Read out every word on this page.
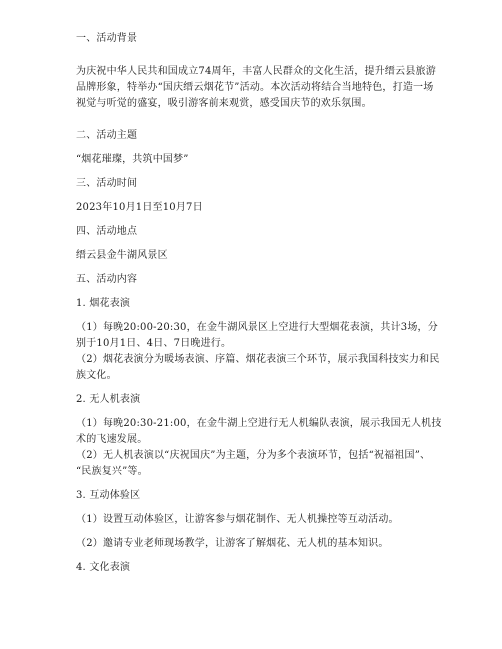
一、活动背景
为庆祝中华人民共和国成立74周年，丰富人民群众的文化生活，提升缙云县旅游
品牌形象，特举办“国庆缙云烟花节”活动。本次活动将结合当地特色，打造一场
视觉与听觉的盛宴，吸引游客前来观赏，感受国庆节的欢乐氛围。
二、活动主题
“烟花璀璨，共筑中国梦”
三、活动时间
2023年10月1日至10月7日
四、活动地点
缙云县金牛湖风景区
五、活动内容
1. 烟花表演
（1）每晚20:00-20:30，在金牛湖风景区上空进行大型烟花表演，共计3场，分
别于10月1日、4日、7日晚进行。
（2）烟花表演分为暖场表演、序篇、烟花表演三个环节，展示我国科技实力和民
族文化。
2. 无人机表演
（1）每晚20:30-21:00，在金牛湖上空进行无人机编队表演，展示我国无人机技
术的飞速发展。
（2）无人机表演以“庆祝国庆”为主题，分为多个表演环节，包括“祝福祖国”、
“民族复兴”等。
3. 互动体验区
（1）设置互动体验区，让游客参与烟花制作、无人机操控等互动活动。
（2）邀请专业老师现场教学，让游客了解烟花、无人机的基本知识。
4. 文化表演
